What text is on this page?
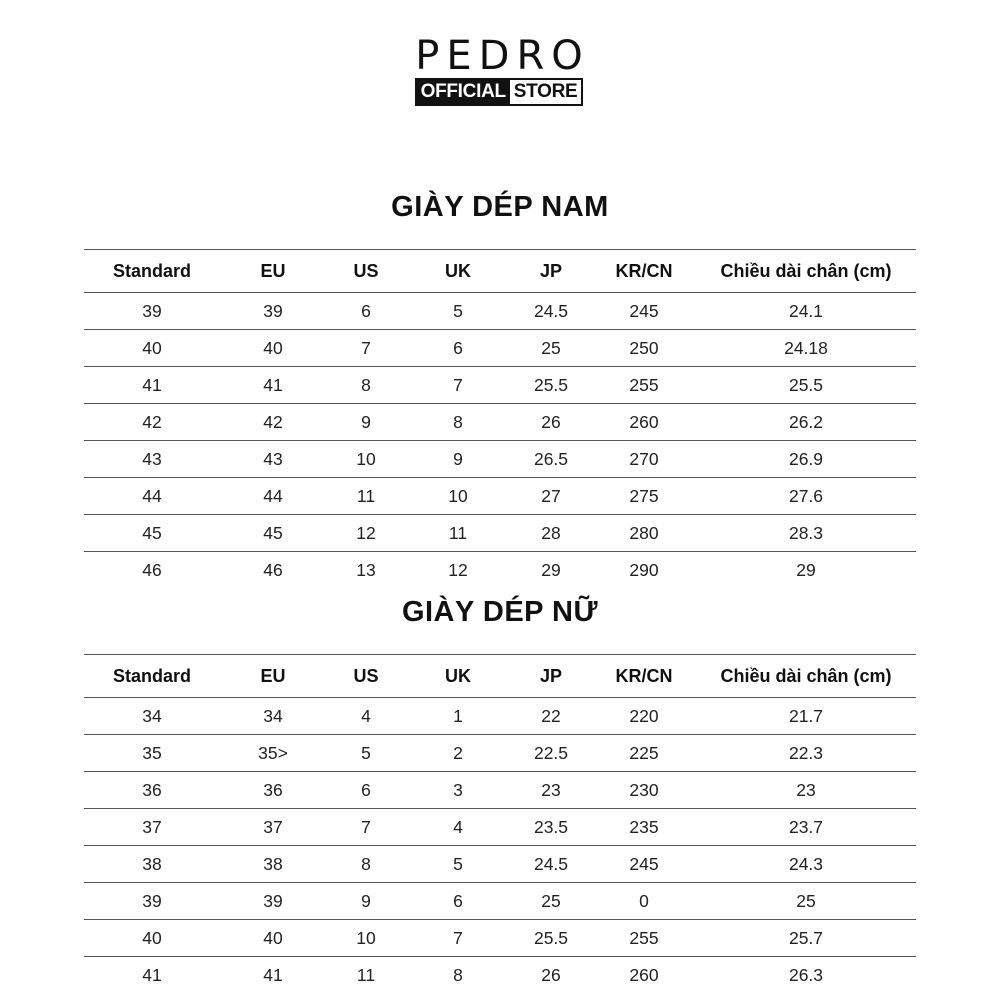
PEDRO
OFFICIAL STORE
GIÀY DÉP NAM
Standard	EU	US	UK	JP	KR/CN	Chiều dài chân (cm)
39	39	6	5	24.5	245	24.1
40	40	7	6	25	250	24.18
41	41	8	7	25.5	255	25.5
42	42	9	8	26	260	26.2
43	43	10	9	26.5	270	26.9
44	44	11	10	27	275	27.6
45	45	12	11	28	280	28.3
46	46	13	12	29	290	29
GIÀY DÉP NỮ
Standard	EU	US	UK	JP	KR/CN	Chiều dài chân (cm)
34	34	4	1	22	220	21.7
35	35>	5	2	22.5	225	22.3
36	36	6	3	23	230	23
37	37	7	4	23.5	235	23.7
38	38	8	5	24.5	245	24.3
39	39	9	6	25	0	25
40	40	10	7	25.5	255	25.7
41	41	11	8	26	260	26.3
